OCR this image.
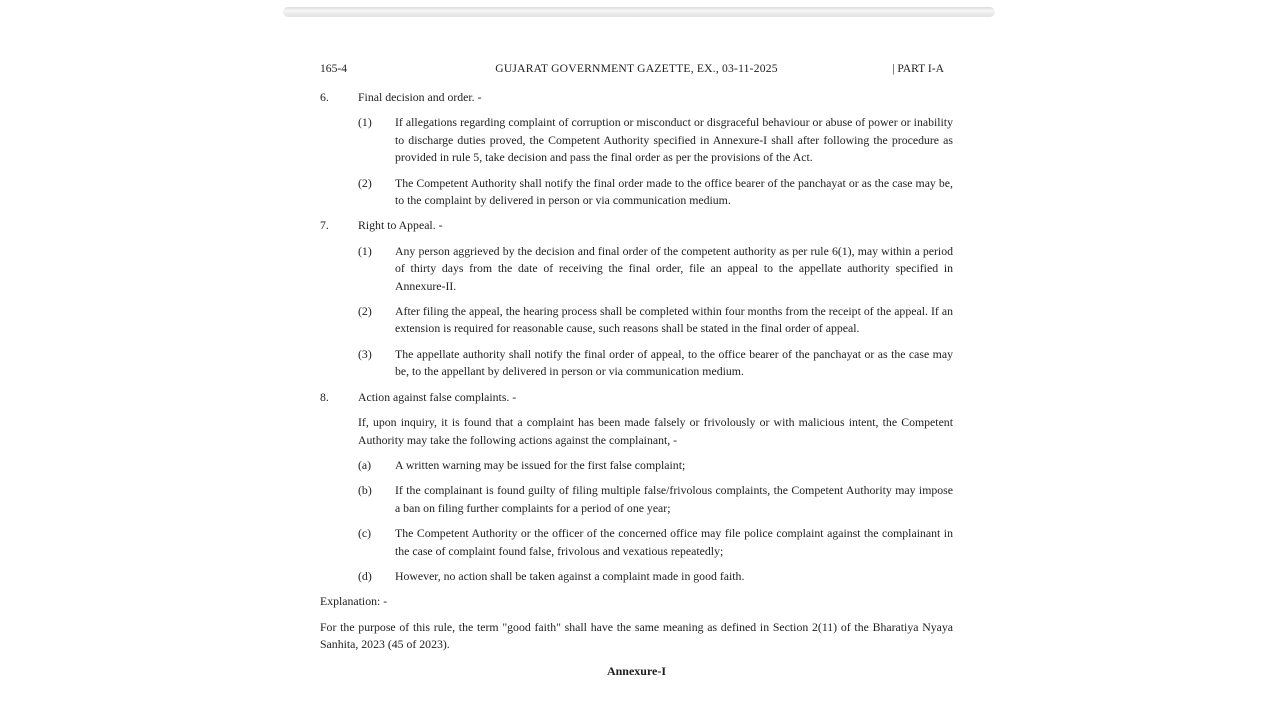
165-4	GUJARAT GOVERNMENT GAZETTE, EX., 03-11-2025	| PART I-A
6.	Final decision and order. -
(1)	If allegations regarding complaint of corruption or misconduct or disgraceful behaviour or abuse of power or inability to discharge duties proved, the Competent Authority specified in Annexure-I shall after following the procedure as provided in rule 5, take decision and pass the final order as per the provisions of the Act.
(2)	The Competent Authority shall notify the final order made to the office bearer of the panchayat or as the case may be, to the complaint by delivered in person or via communication medium.
7.	Right to Appeal. -
(1)	Any person aggrieved by the decision and final order of the competent authority as per rule 6(1), may within a period of thirty days from the date of receiving the final order, file an appeal to the appellate authority specified in Annexure-II.
(2)	After filing the appeal, the hearing process shall be completed within four months from the receipt of the appeal. If an extension is required for reasonable cause, such reasons shall be stated in the final order of appeal.
(3)	The appellate authority shall notify the final order of appeal, to the office bearer of the panchayat or as the case may be, to the appellant by delivered in person or via communication medium.
8.	Action against false complaints. -
If, upon inquiry, it is found that a complaint has been made falsely or frivolously or with malicious intent, the Competent Authority may take the following actions against the complainant, -
(a)	A written warning may be issued for the first false complaint;
(b)	If the complainant is found guilty of filing multiple false/frivolous complaints, the Competent Authority may impose a ban on filing further complaints for a period of one year;
(c)	The Competent Authority or the officer of the concerned office may file police complaint against the complainant in the case of complaint found false, frivolous and vexatious repeatedly;
(d)	However, no action shall be taken against a complaint made in good faith.
Explanation: -
For the purpose of this rule, the term "good faith" shall have the same meaning as defined in Section 2(11) of the Bharatiya Nyaya Sanhita, 2023 (45 of 2023).
Annexure-I
